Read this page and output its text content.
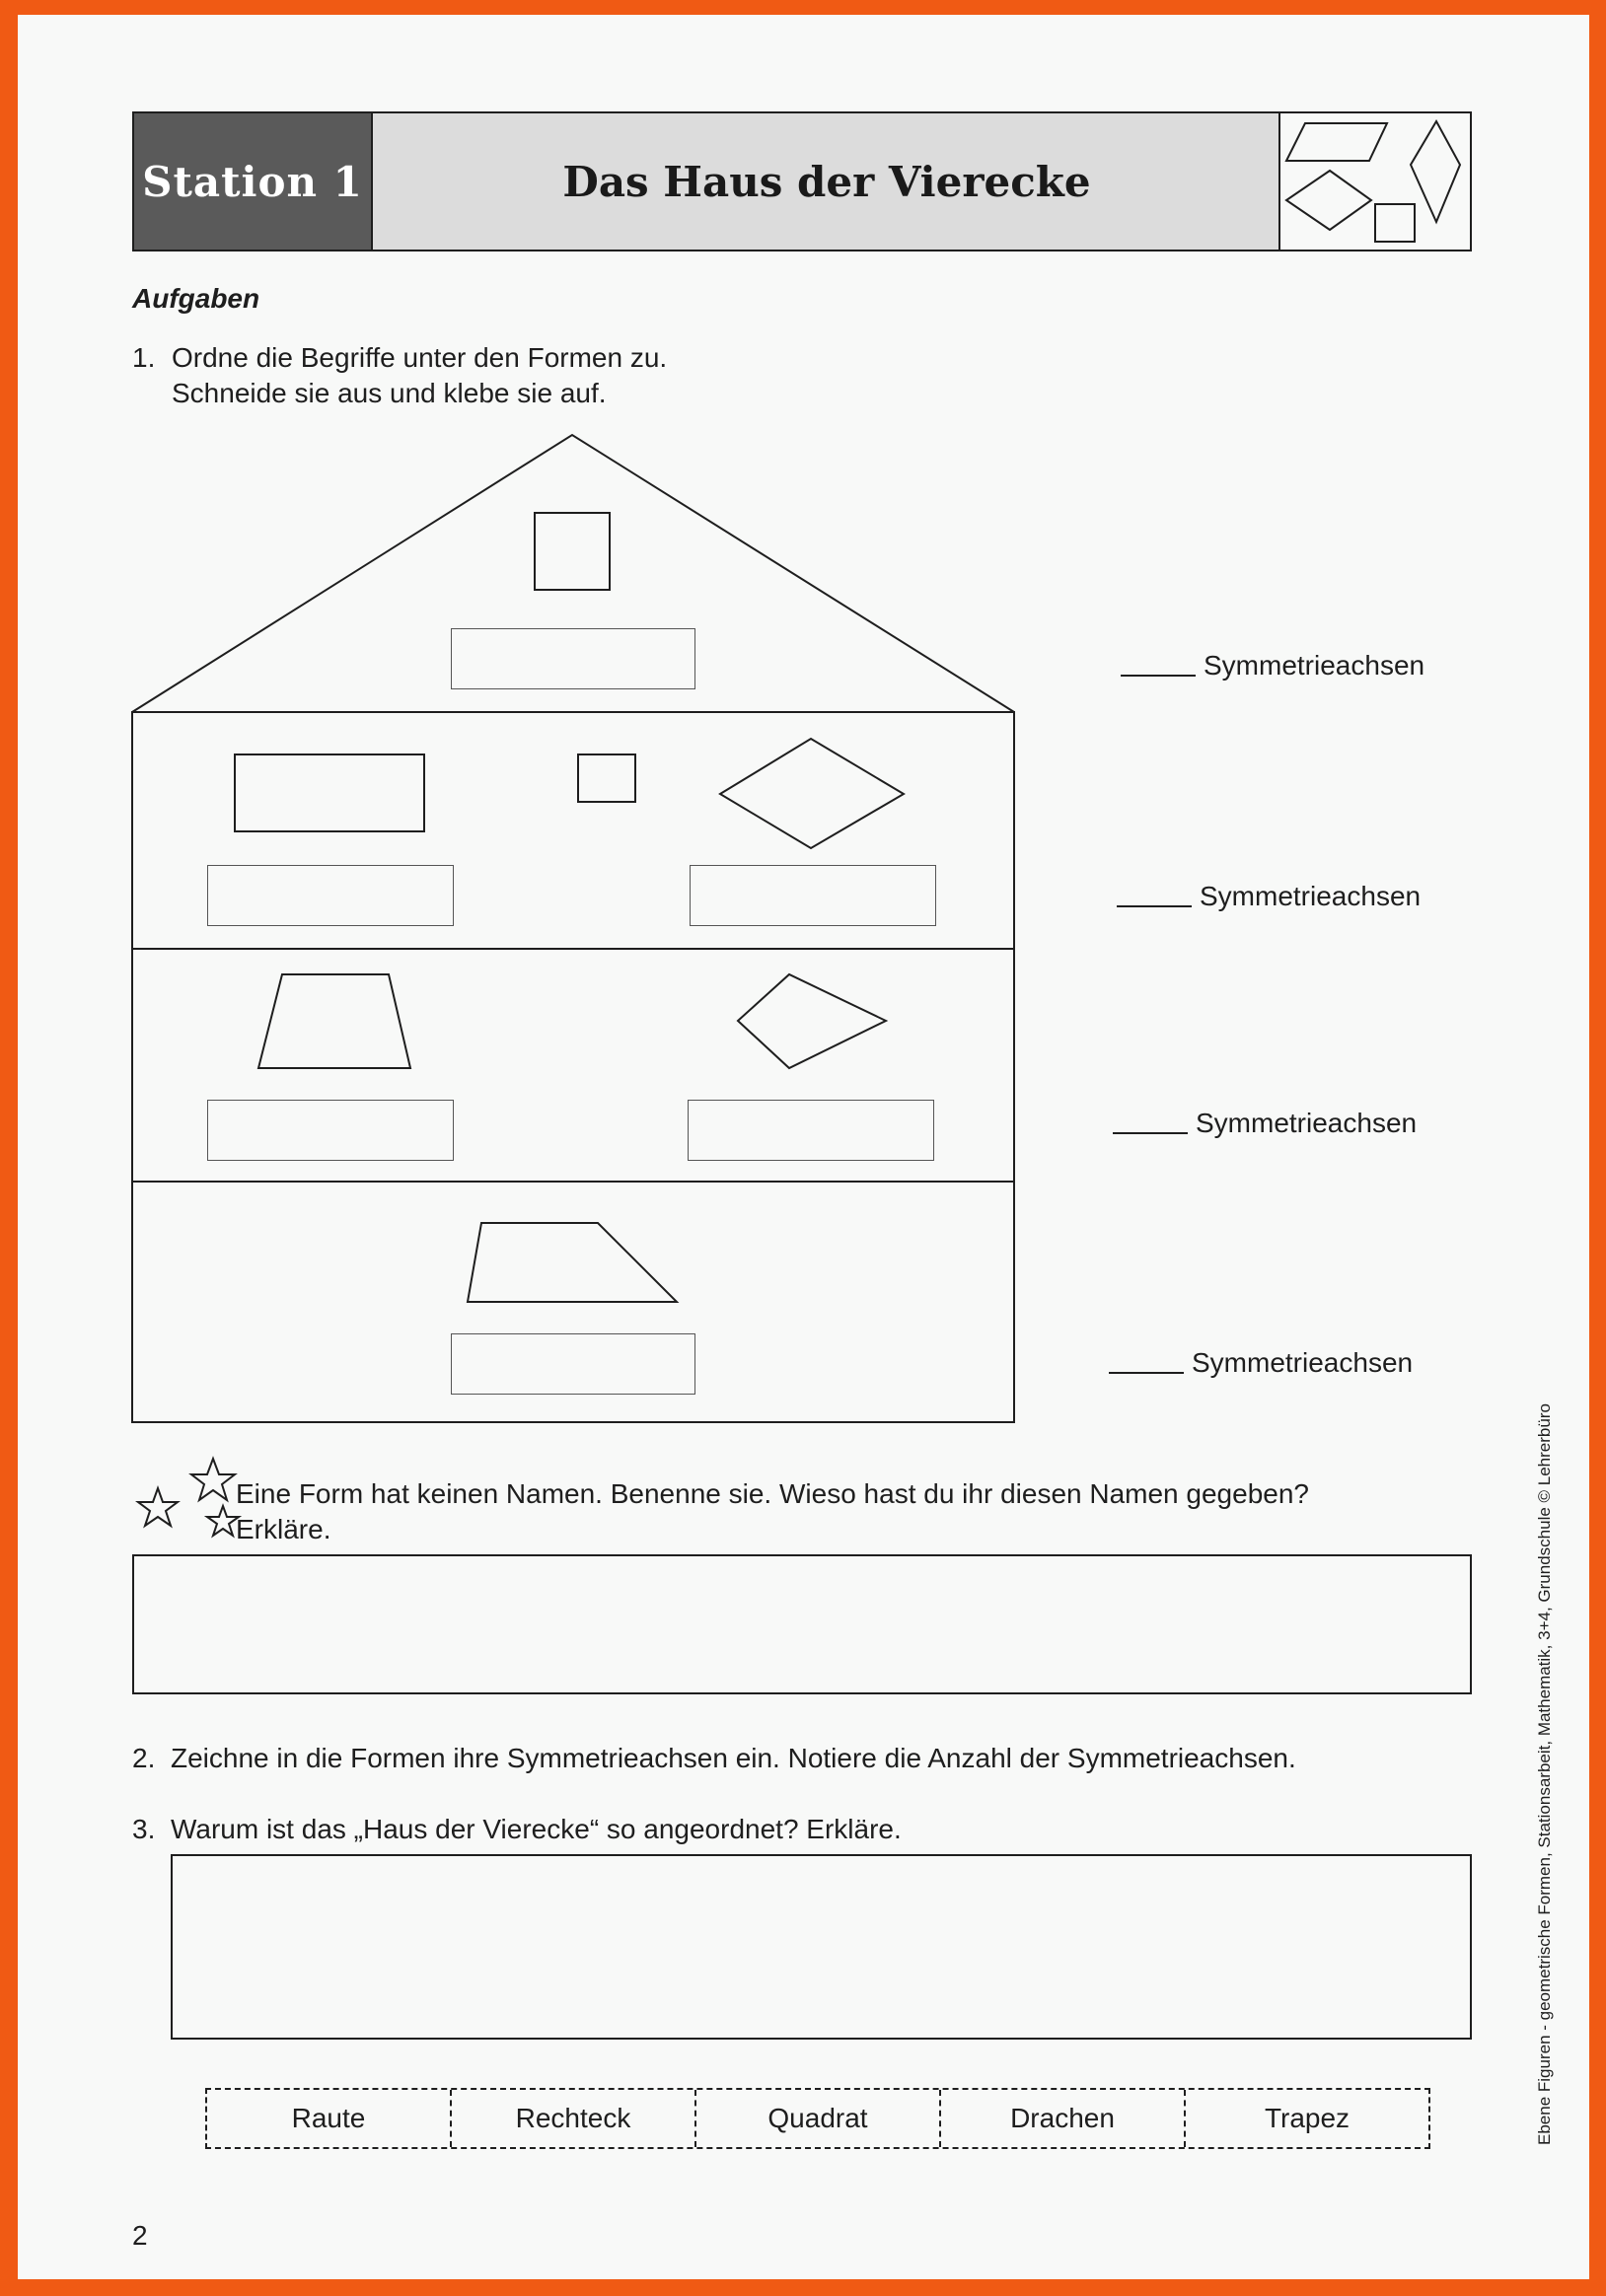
Station 1	Das Haus der Vierecke
Aufgaben
1. Ordne die Begriffe unter den Formen zu.
Schneide sie aus und klebe sie auf.
Symmetrieachsen
Symmetrieachsen
Symmetrieachsen
Symmetrieachsen
Eine Form hat keinen Namen. Benenne sie. Wieso hast du ihr diesen Namen gegeben?
Erkläre.
2. Zeichne in die Formen ihre Symmetrieachsen ein. Notiere die Anzahl der Symmetrieachsen.
3. Warum ist das „Haus der Vierecke“ so angeordnet? Erkläre.
Raute	Rechteck	Quadrat	Drachen	Trapez
2
Ebene Figuren - geometrische Formen, Stationsarbeit, Mathematik, 3+4, Grundschule © Lehrerbüro
